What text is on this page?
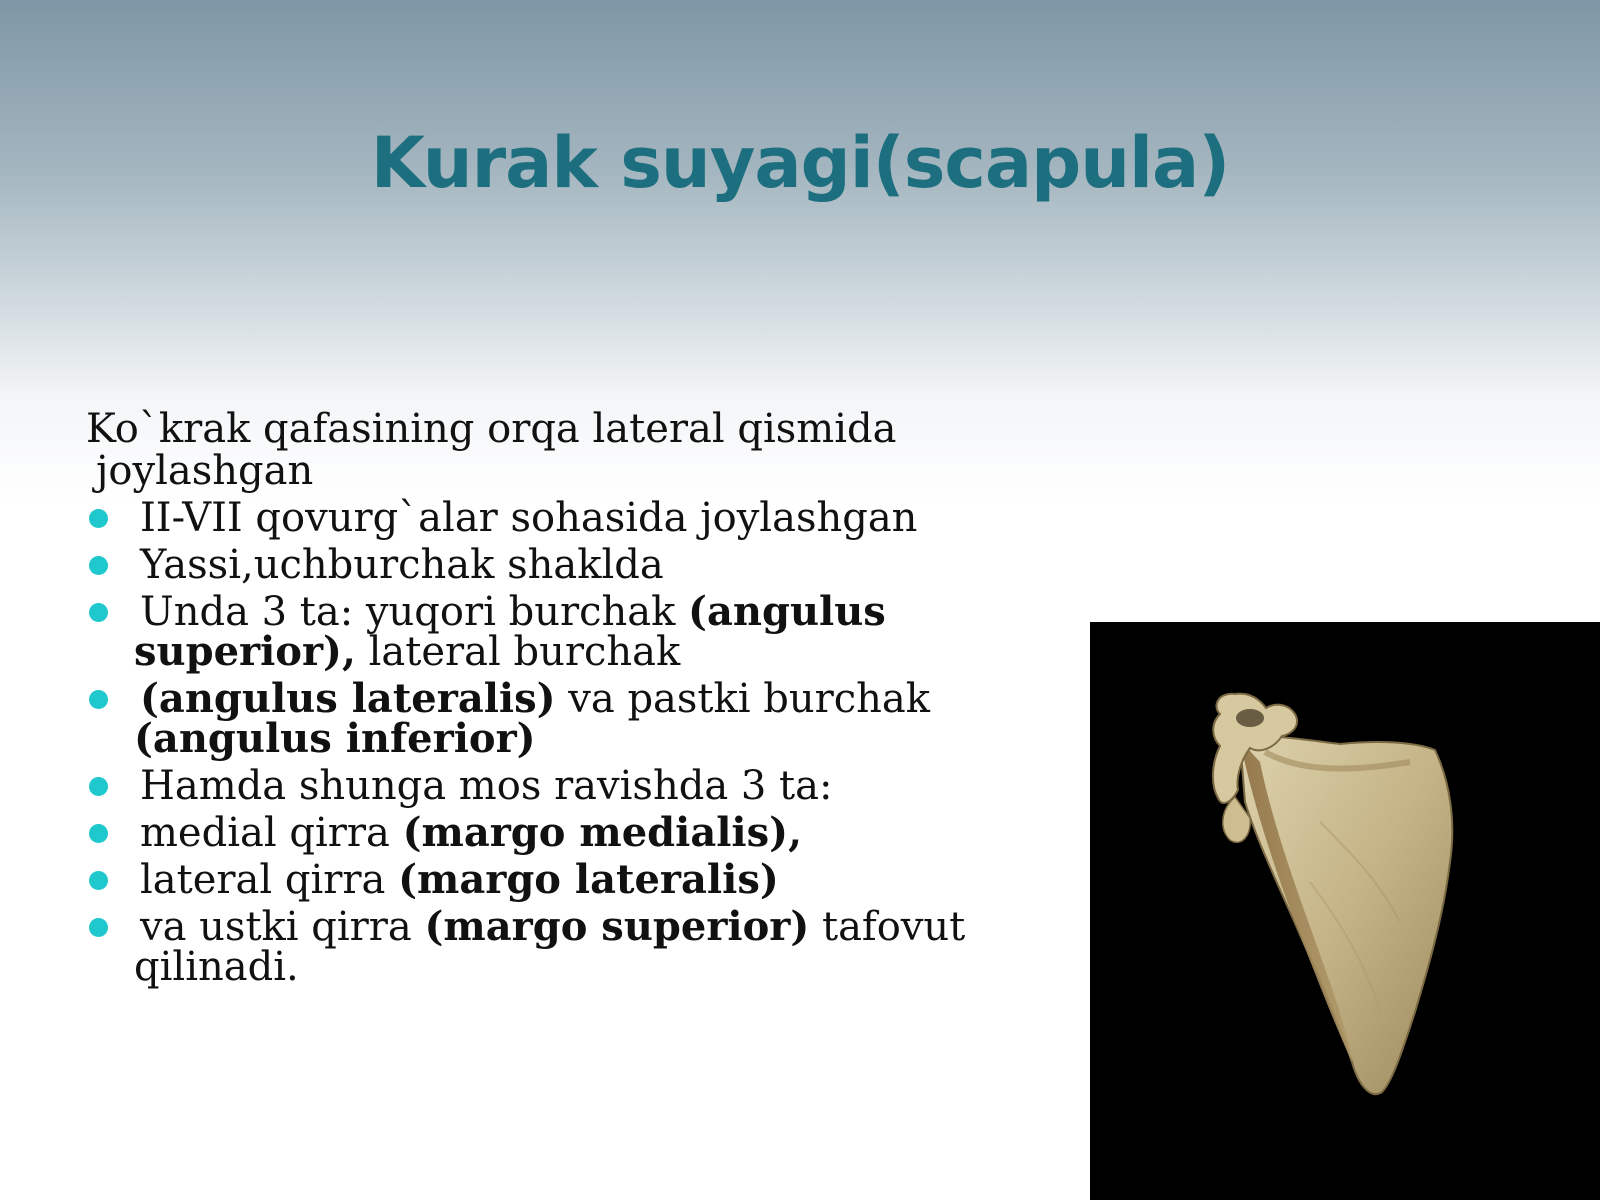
Kurak suyagi(scapula)

Ko`krak qafasining orqa lateral qismida joylashgan

II-VII qovurg`alar sohasida joylashgan
Yassi,uchburchak shaklda
Unda 3 ta: yuqori burchak (angulus superior), lateral burchak
(angulus lateralis) va pastki burchak (angulus inferior)
Hamda shunga mos ravishda 3 ta:
medial qirra (margo medialis),
lateral qirra (margo lateralis)
va ustki qirra (margo superior) tafovut qilinadi.
